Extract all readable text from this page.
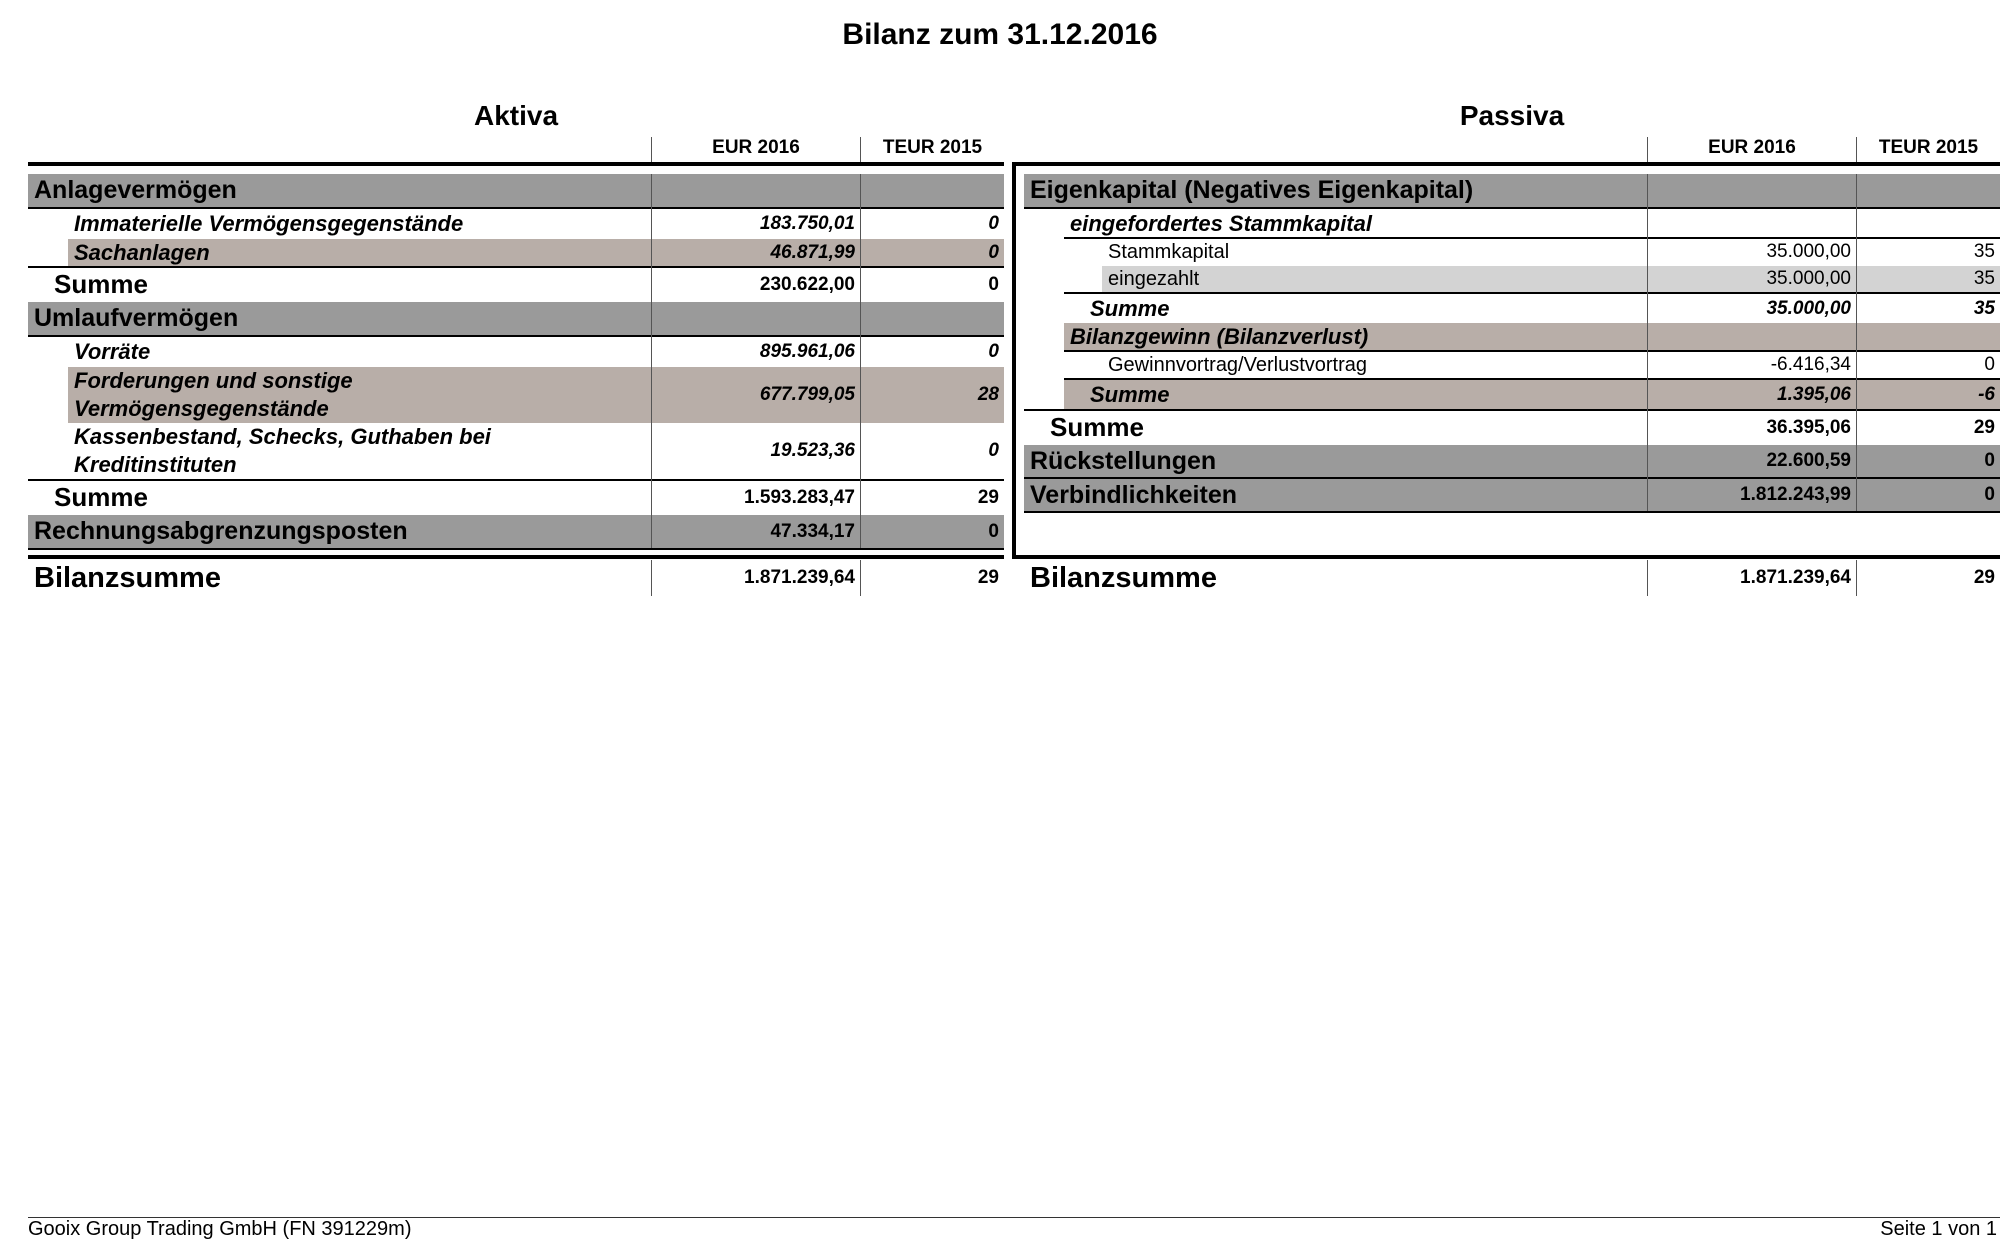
Bilanz zum 31.12.2016
Aktiva
EUR 2016	TEUR 2015
Anlagevermögen
Immaterielle Vermögensgegenstände	183.750,01	0
Sachanlagen	46.871,99	0
Summe	230.622,00	0
Umlaufvermögen
Vorräte	895.961,06	0
Forderungen und sonstige
Vermögensgegenstände
677.799,05	28
Kassenbestand, Schecks, Guthaben bei
Kreditinstituten
19.523,36	0
Summe	1.593.283,47	29
Rechnungsabgrenzungsposten	47.334,17	0
Bilanzsumme	1.871.239,64	29
Passiva
EUR 2016	TEUR 2015
Eigenkapital (Negatives Eigenkapital)
eingefordertes Stammkapital
Stammkapital	35.000,00	35
eingezahlt	35.000,00	35
Summe	35.000,00	35
Bilanzgewinn (Bilanzverlust)
Gewinnvortrag/Verlustvortrag	-6.416,34	0
Summe	1.395,06	-6
Summe	36.395,06	29
Rückstellungen	22.600,59	0
Verbindlichkeiten	1.812.243,99	0
Bilanzsumme	1.871.239,64	29
Gooix Group Trading GmbH (FN 391229m)	Seite 1 von 1
